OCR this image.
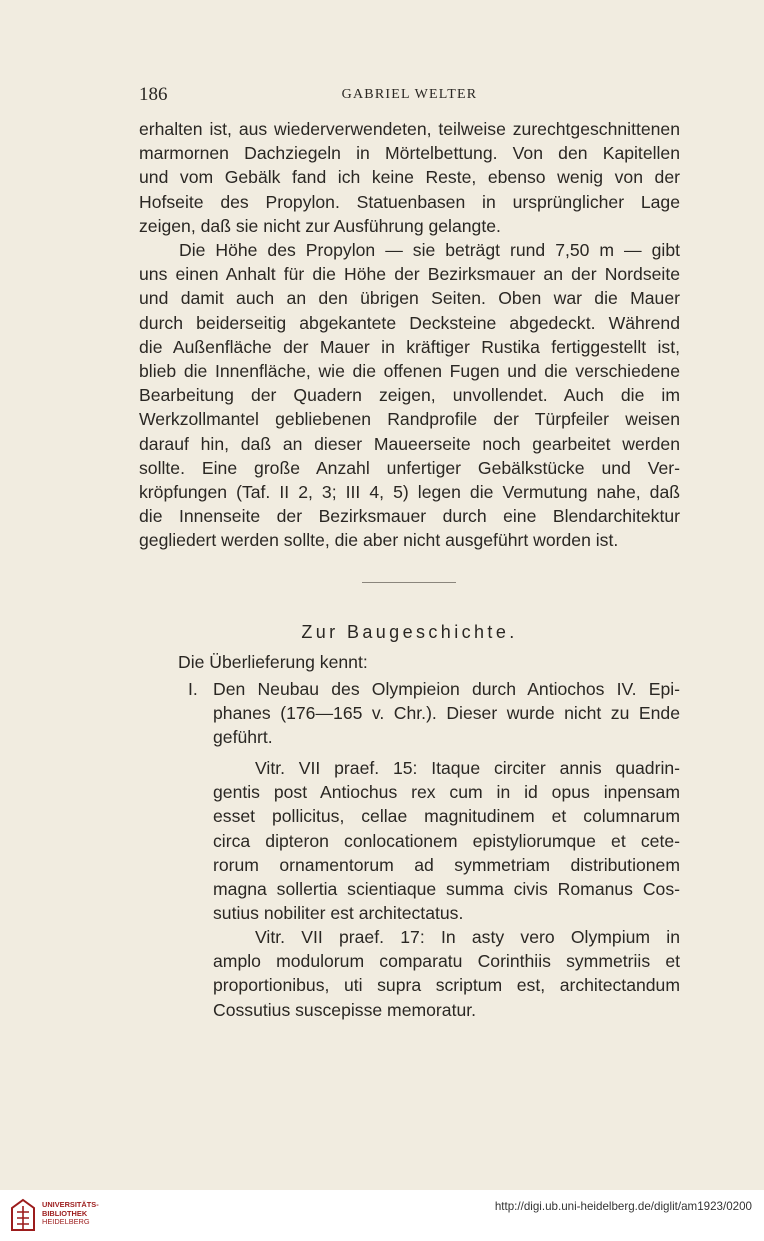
186	GABRIEL WELTER
erhalten ist, aus wiederverwendeten, teilweise zurechtgeschnittenen
marmornen Dachziegeln in Mörtelbettung. Von den Kapitellen
und vom Gebälk fand ich keine Reste, ebenso wenig von der
Hofseite des Propylon. Statuenbasen in ursprünglicher Lage
zeigen, daß sie nicht zur Ausführung gelangte.
Die Höhe des Propylon — sie beträgt rund 7,50 m — gibt
uns einen Anhalt für die Höhe der Bezirksmauer an der Nordseite
und damit auch an den übrigen Seiten. Oben war die Mauer
durch beiderseitig abgekantete Decksteine abgedeckt. Während
die Außenfläche der Mauer in kräftiger Rustika fertiggestellt ist,
blieb die Innenfläche, wie die offenen Fugen und die verschiedene
Bearbeitung der Quadern zeigen, unvollendet. Auch die im
Werkzollmantel gebliebenen Randprofile der Türpfeiler weisen
darauf hin, daß an dieser Maueerseite noch gearbeitet werden
sollte. Eine große Anzahl unfertiger Gebälkstücke und Ver-
kröpfungen (Taf. II 2, 3; III 4, 5) legen die Vermutung nahe, daß
die Innenseite der Bezirksmauer durch eine Blendarchitektur
gegliedert werden sollte, die aber nicht ausgeführt worden ist.
Zur Baugeschichte.
Die Überlieferung kennt:
I. Den Neubau des Olympieion durch Antiochos IV. Epi-
phanes (176—165 v. Chr.). Dieser wurde nicht zu Ende
geführt.
Vitr. VII praef. 15: Itaque circiter annis quadrin-
gentis post Antiochus rex cum in id opus inpensam
esset pollicitus, cellae magnitudinem et columnarum
circa dipteron conlocationem epistyliorumque et cete-
rorum ornamentorum ad symmetriam distributionem
magna sollertia scientiaque summa civis Romanus Cos-
sutius nobiliter est architectatus.
Vitr. VII praef. 17: In asty vero Olympium in
amplo modulorum comparatu Corinthiis symmetriis et
proportionibus, uti supra scriptum est, architectandum
Cossutius suscepisse memoratur.
UNIVERSITÄTS-
BIBLIOTHEK
HEIDELBERG
http://digi.ub.uni-heidelberg.de/diglit/am1923/0200
